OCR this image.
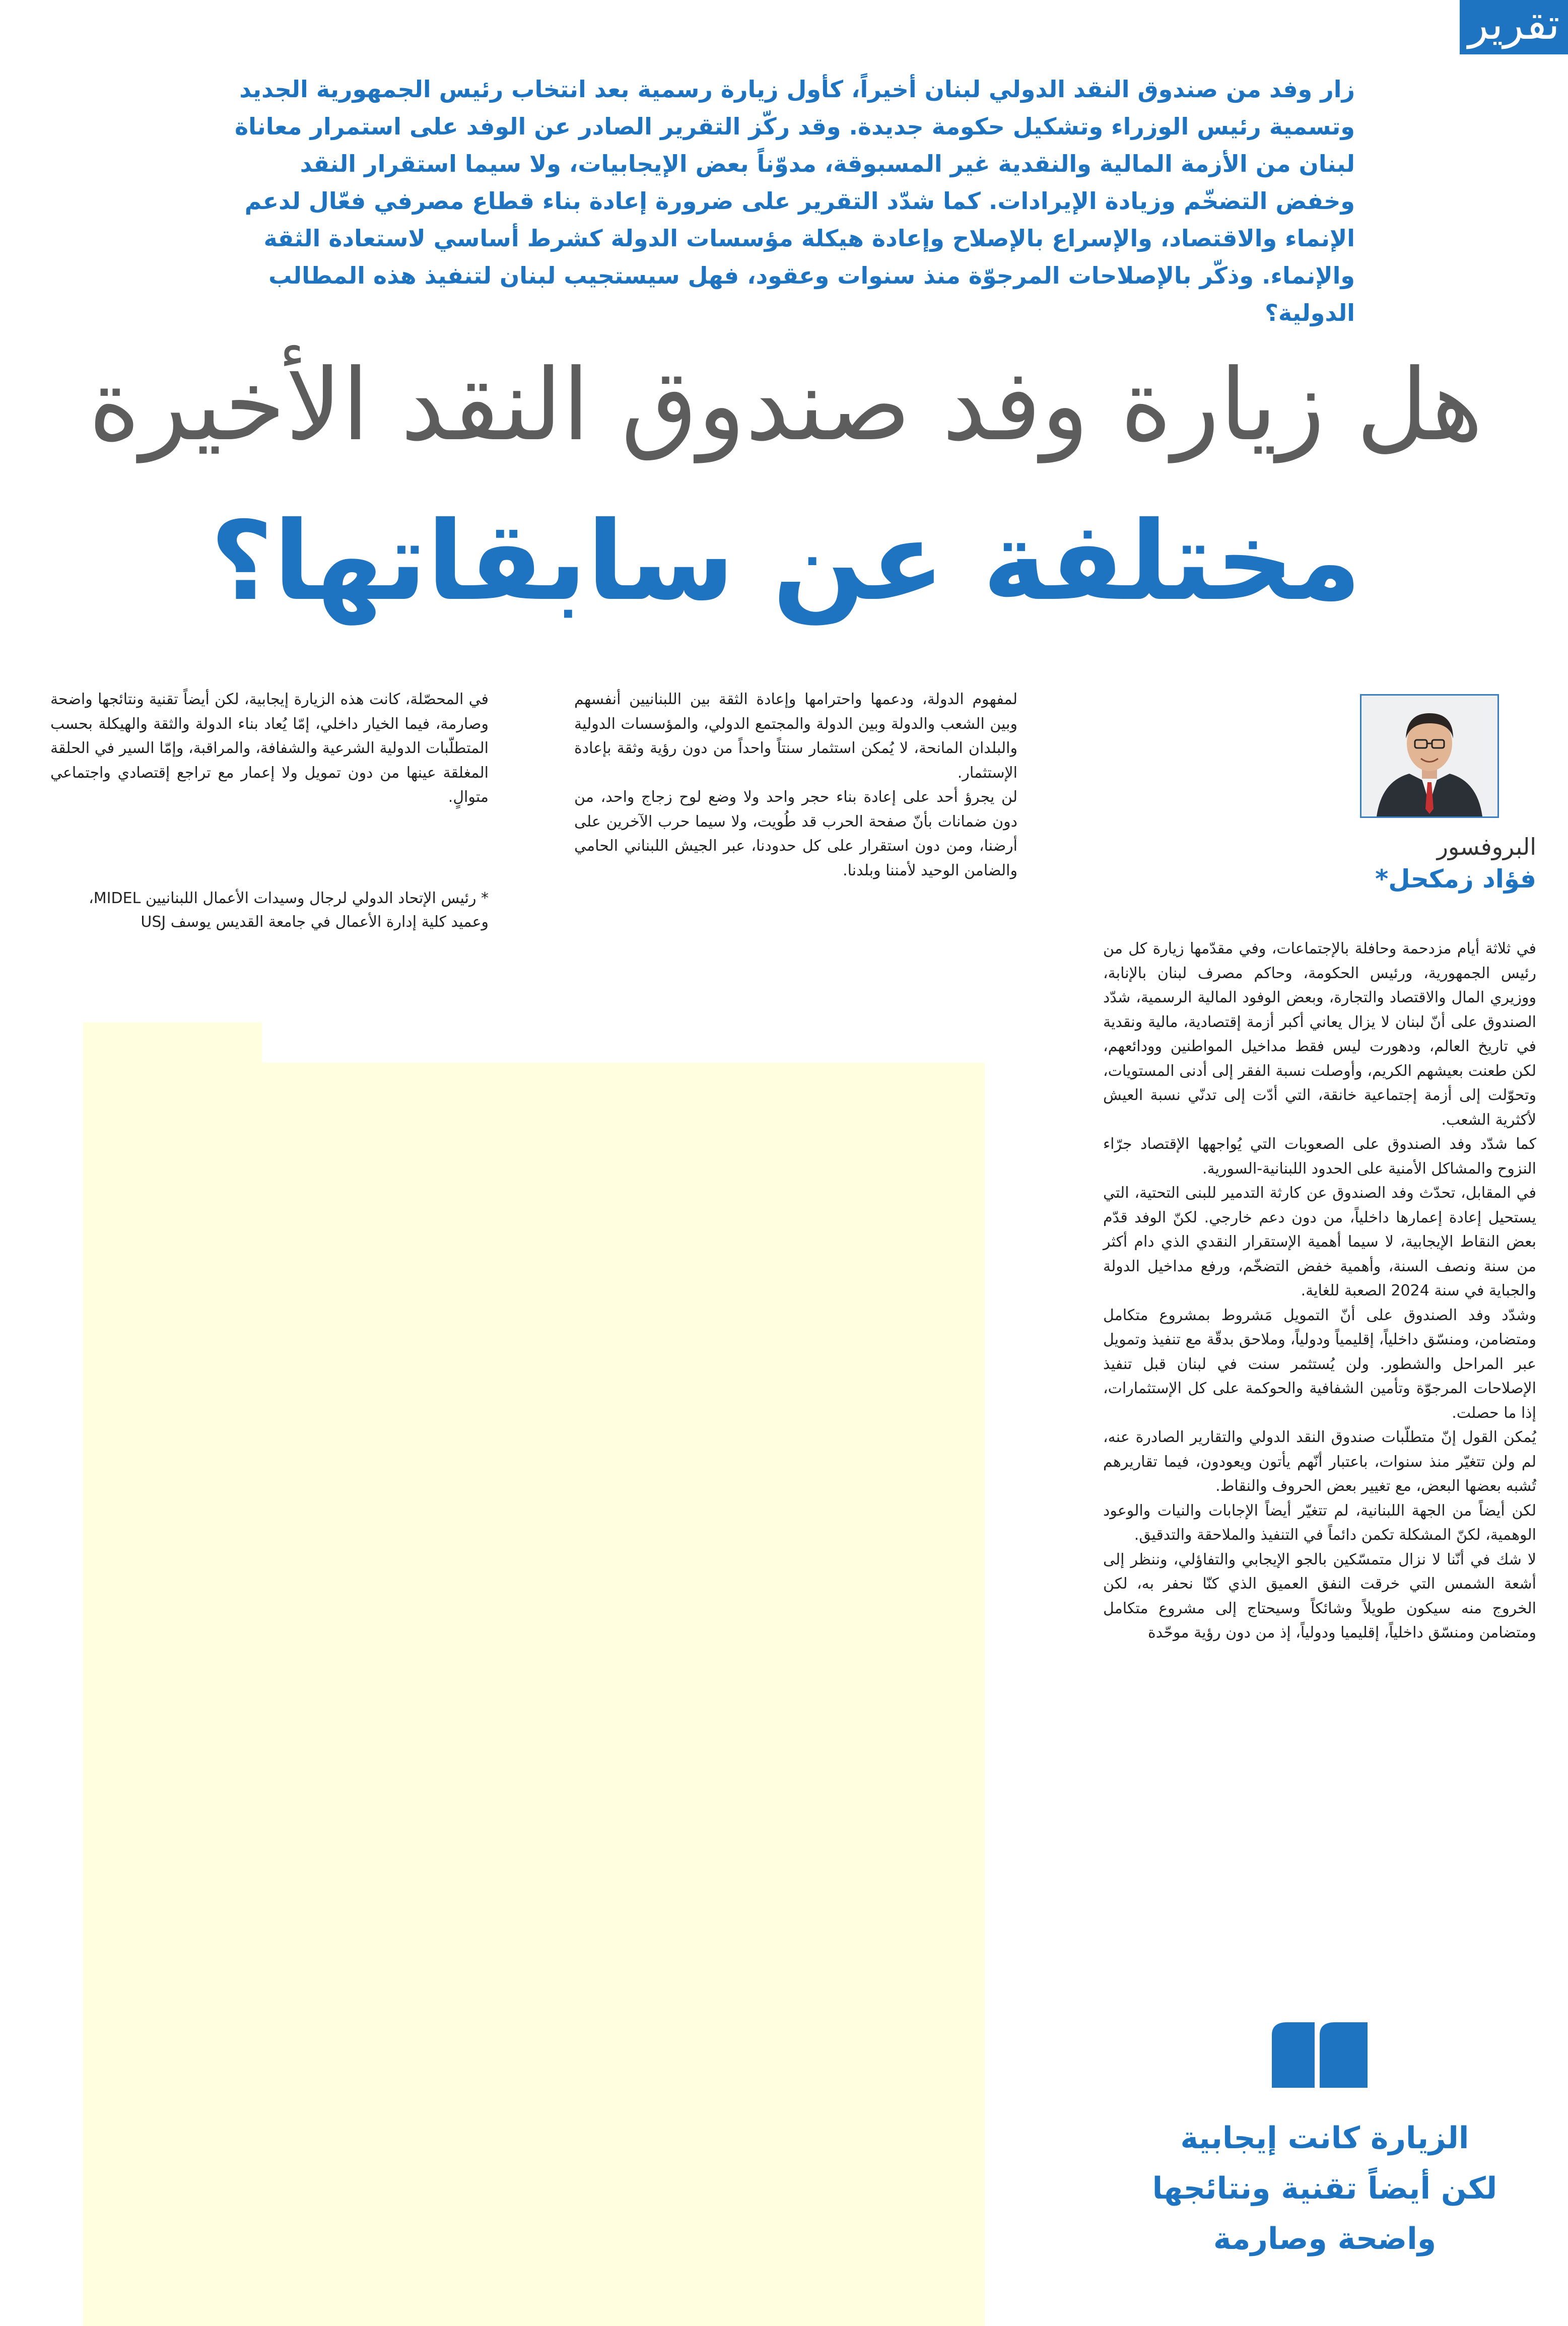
تقرير
زار وفد من صندوق النقد الدولي لبنان أخيراً، كأول زيارة رسمية بعد انتخاب رئيس الجمهورية الجديد وتسمية رئيس الوزراء وتشكيل حكومة جديدة. وقد ركّز التقرير الصادر عن الوفد على استمرار معاناة لبنان من الأزمة المالية والنقدية غير المسبوقة، مدوّناً بعض الإيجابيات، ولا سيما استقرار النقد وخفض التضخّم وزيادة الإيرادات. كما شدّد التقرير على ضرورة إعادة بناء قطاع مصرفي فعّال لدعم الإنماء والاقتصاد، والإسراع بالإصلاح وإعادة هيكلة مؤسسات الدولة كشرط أساسي لاستعادة الثقة والإنماء. وذكّر بالإصلاحات المرجوّة منذ سنوات وعقود، فهل سيستجيب لبنان لتنفيذ هذه المطالب الدولية؟
هل زيارة وفد صندوق النقد الأخيرة
مختلفة عن سابقاتها؟
البروفسور
فؤاد زمكحل*

في ثلاثة أيام مزدحمة وحافلة بالإجتماعات، وفي مقدّمها زيارة كل من رئيس الجمهورية، ورئيس الحكومة، وحاكم مصرف لبنان بالإنابة، ووزيري المال والاقتصاد والتجارة، وبعض الوفود المالية الرسمية، شدّد الصندوق على أنّ لبنان لا يزال يعاني أكبر أزمة إقتصادية، مالية ونقدية في تاريخ العالم، ودهورت ليس فقط مداخيل المواطنين وودائعهم، لكن طعنت بعيشهم الكريم، وأوصلت نسبة الفقر إلى أدنى المستويات، وتحوّلت إلى أزمة إجتماعية خانقة، التي أدّت إلى تدنّي نسبة العيش لأكثرية الشعب.

كما شدّد وفد الصندوق على الصعوبات التي يُواجهها الإقتصاد جرّاء النزوح والمشاكل الأمنية على الحدود اللبنانية-السورية.

في المقابل، تحدّث وفد الصندوق عن كارثة التدمير للبنى التحتية، التي يستحيل إعادة إعمارها داخلياً، من دون دعم خارجي. لكنّ الوفد قدّم بعض النقاط الإيجابية، لا سيما أهمية الإستقرار النقدي الذي دام أكثر من سنة ونصف السنة، وأهمية خفض التضخّم، ورفع مداخيل الدولة والجباية في سنة 2024 الصعبة للغاية.

وشدّد وفد الصندوق على أنّ التمويل مَشروط بمشروع متكامل ومتضامن، ومنسّق داخلياً، إقليمياً ودولياً، وملاحق بدقّة مع تنفيذ وتمويل عبر المراحل والشطور. ولن يُستثمر سنت في لبنان قبل تنفيذ الإصلاحات المرجوّة وتأمين الشفافية والحوكمة على كل الإستثمارات، إذا ما حصلت.

يُمكن القول إنّ متطلّبات صندوق النقد الدولي والتقارير الصادرة عنه، لم ولن تتغيّر منذ سنوات، باعتبار أنّهم يأتون ويعودون، فيما تقاريرهم تُشبه بعضها البعض، مع تغيير بعض الحروف والنقاط.

لكن أيضاً من الجهة اللبنانية، لم تتغيّر أيضاً الإجابات والنيات والوعود الوهمية، لكنّ المشكلة تكمن دائماً في التنفيذ والملاحقة والتدقيق.

لا شك في أنّنا لا نزال متمسّكين بالجو الإيجابي والتفاؤلي، وننظر إلى أشعة الشمس التي خرقت النفق العميق الذي كنّا نحفر به، لكن الخروج منه سيكون طويلاً وشائكاً وسيحتاج إلى مشروع متكامل ومتضامن ومنسّق داخلياً، إقليميا ودولياً، إذ من دون رؤية موحّدة

لمفهوم الدولة، ودعمها واحترامها وإعادة الثقة بين اللبنانيين أنفسهم وبين الشعب والدولة وبين الدولة والمجتمع الدولي، والمؤسسات الدولية والبلدان المانحة، لا يُمكن استثمار سنتاً واحداً من دون رؤية وثقة بإعادة الإستثمار.

لن يجرؤ أحد على إعادة بناء حجر واحد ولا وضع لوح زجاج واحد، من دون ضمانات بأنّ صفحة الحرب قد طُويت، ولا سيما حرب الآخرين على أرضنا، ومن دون استقرار على كل حدودنا، عبر الجيش اللبناني الحامي والضامن الوحيد لأمننا وبلدنا.

في المحصّلة، كانت هذه الزيارة إيجابية، لكن أيضاً تقنية ونتائجها واضحة وصارمة، فيما الخيار داخلي، إمّا يُعاد بناء الدولة والثقة والهيكلة بحسب المتطلّبات الدولية الشرعية والشفافة، والمراقبة، وإمّا السير في الحلقة المغلقة عينها من دون تمويل ولا إعمار مع تراجع إقتصادي واجتماعي متوالٍ.

* رئيس الإتحاد الدولي لرجال وسيدات الأعمال اللبنانيين MIDEL، وعميد كلية إدارة الأعمال في جامعة القديس يوسف USJ
الزيارة كانت إيجابية
لكن أيضاً تقنية ونتائجها
واضحة وصارمة
